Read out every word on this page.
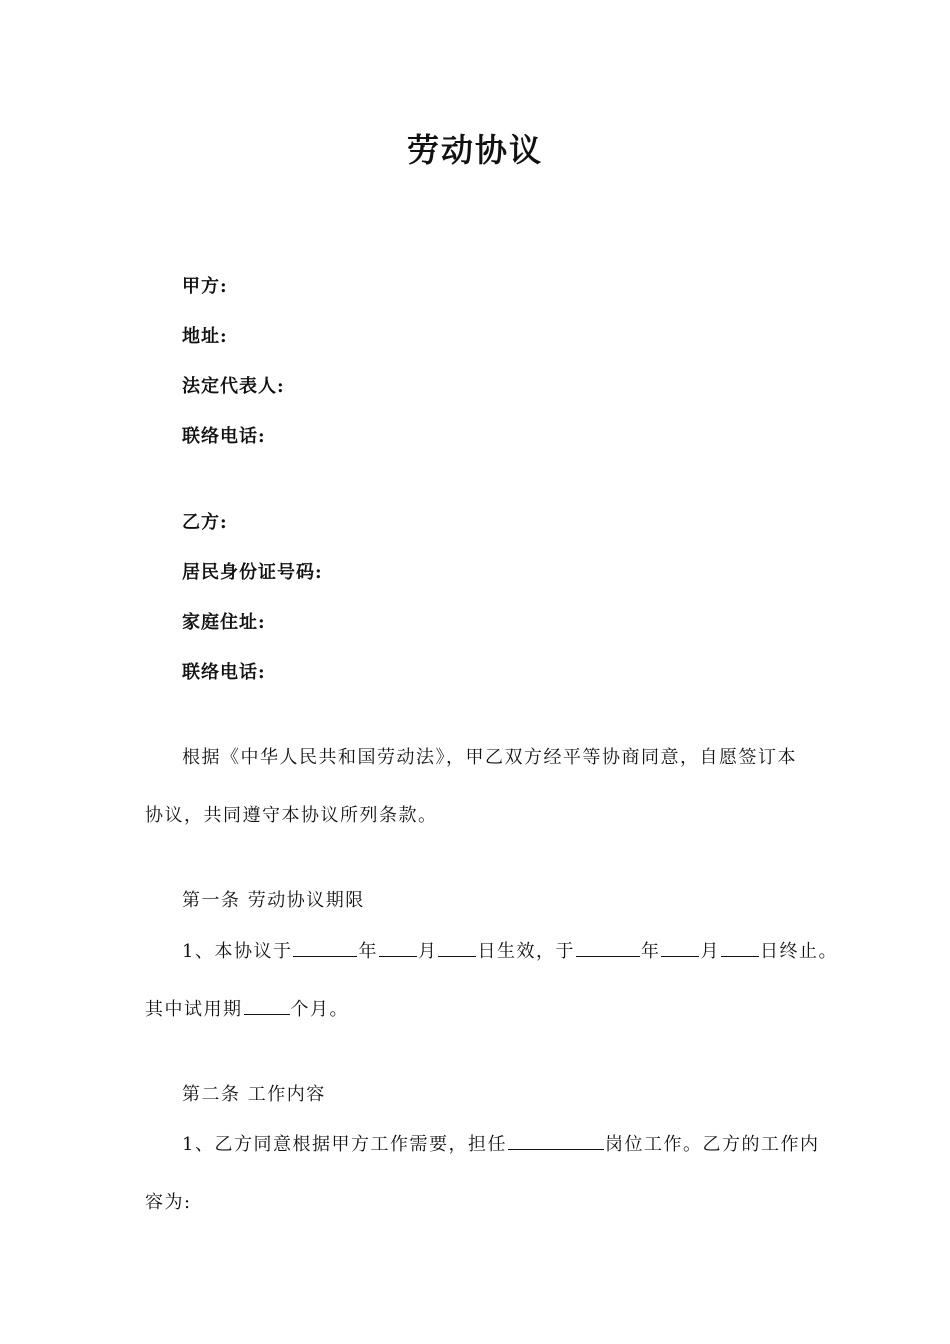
劳动协议
甲方:
地址:
法定代表人:
联络电话:
乙方:
居民身份证号码:
家庭住址:
联络电话:
根据《中华人民共和国劳动法》，甲乙双方经平等协商同意，自愿签订本
协议，共同遵守本协议所列条款。
第一条 劳动协议期限
1、本协议于	年 月 日生效，于	年 月 日终止。
其中试用期	个月。
第二条 工作内容
1、乙方同意根据甲方工作需要，担任	岗位工作。乙方的工作内
容为:
